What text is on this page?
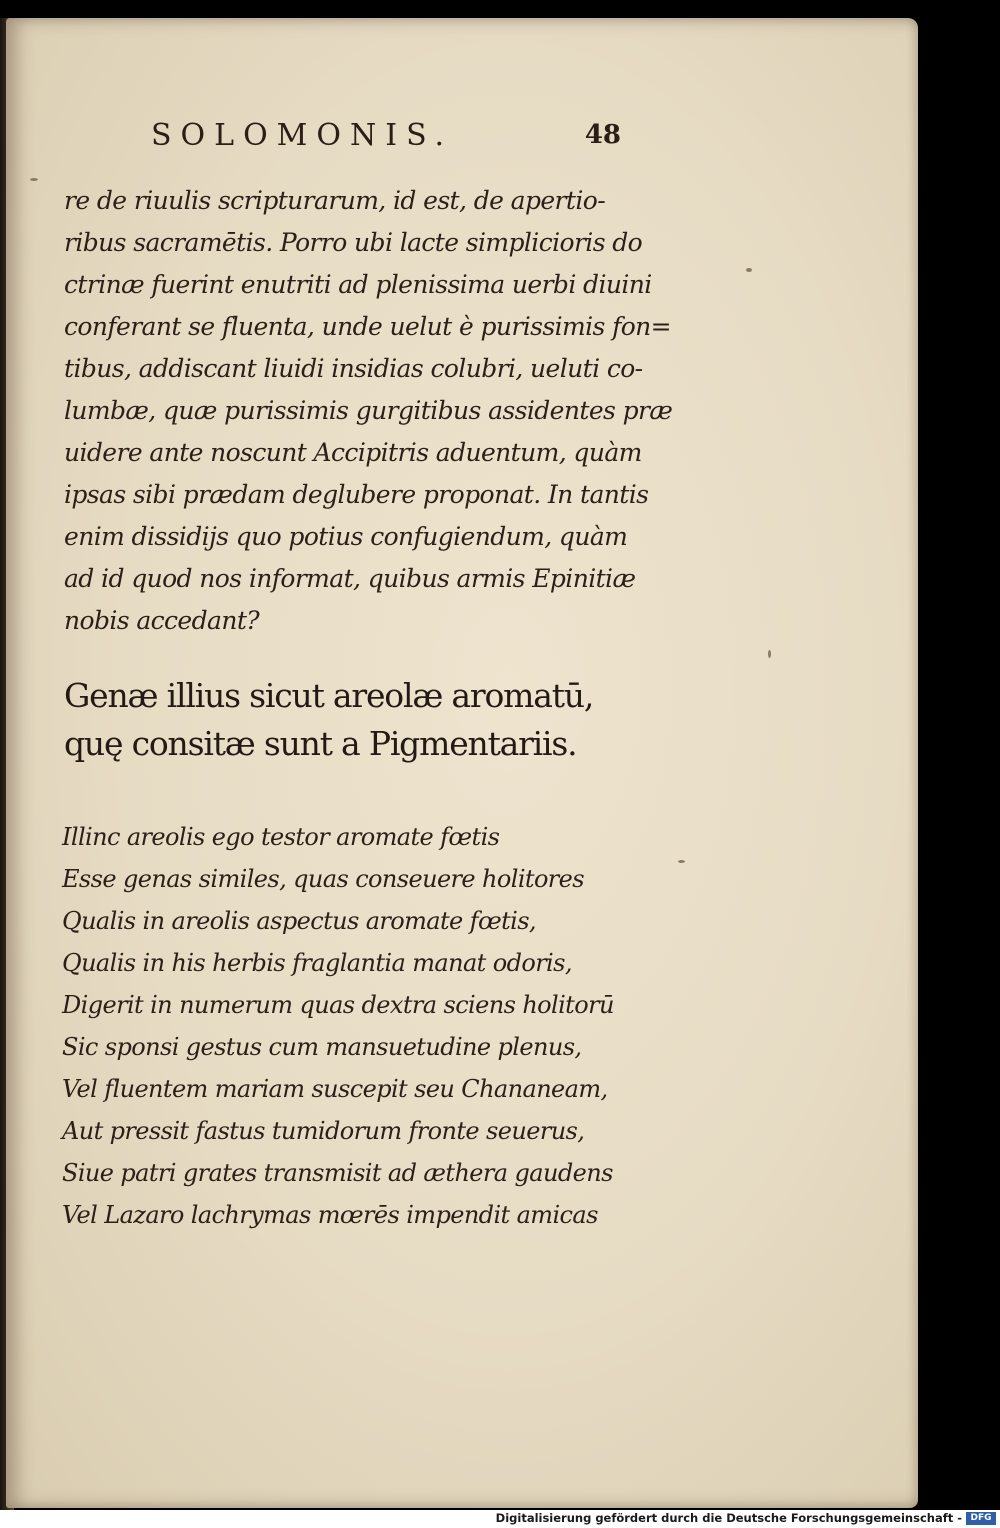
SOLOMONIS.	48
re de riuulis scripturarum, id est, de apertio-
ribus sacramētis. Porro ubi lacte simplicioris do
ctrinæ fuerint enutriti ad plenissima uerbi diuini
conferant se fluenta, unde uelut è purissimis fon=
tibus, addiscant liuidi insidias colubri, ueluti co-
lumbæ, quæ purissimis gurgitibus assidentes præ
uidere ante noscunt Accipitris aduentum, quàm
ipsas sibi prædam deglubere proponat. In tantis
enim dissidijs quo potius confugiendum, quàm
ad id quod nos informat, quibus armis Epinitiæ
nobis accedant?
Genæ illius sicut areolæ aromatū,
quę consitæ sunt a Pigmentariis.
Illinc areolis ego testor aromate fœtis
Esse genas similes, quas conseuere holitores
Qualis in areolis aspectus aromate fœtis,
Qualis in his herbis fraglantia manat odoris,
Digerit in numerum quas dextra sciens holitorū
Sic sponsi gestus cum mansuetudine plenus,
Vel fluentem mariam suscepit seu Chananeam,
Aut pressit fastus tumidorum fronte seuerus,
Siue patri grates transmisit ad æthera gaudens
Vel Lazaro lachrymas mœrēs impendit amicas
Digitalisierung gefördert durch die Deutsche Forschungsgemeinschaft - DFG
